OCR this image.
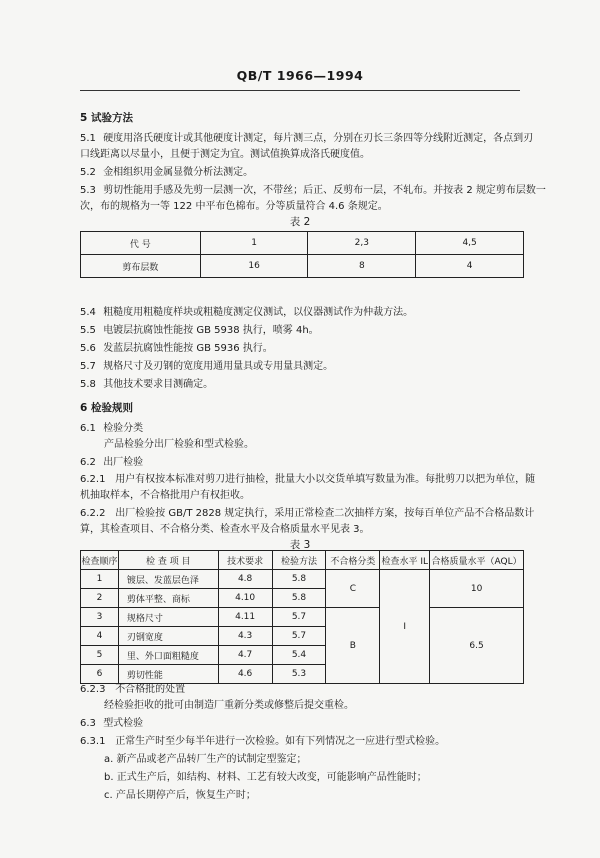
QB/T 1966—1994
5 试验方法
5.1 硬度用洛氏硬度计或其他硬度计测定，每片测三点，分别在刃长三条四等分线附近测定，各点到刃
口线距离以尽量小，且便于测定为宜。测试值换算成洛氏硬度值。
5.2 金相组织用金属显微分析法测定。
5.3 剪切性能用手感及先剪一层测一次，不带丝；后正、反剪布一层，不轧布。并按表 2 规定剪布层数一
次，布的规格为一等 122 中平布色棉布。分等质量符合 4.6 条规定。
表 2
代 号	1	2,3	4,5
剪布层数	16	8	4
5.4 粗糙度用粗糙度样块或粗糙度测定仪测试，以仪器测试作为仲裁方法。
5.5 电镀层抗腐蚀性能按 GB 5938 执行，喷雾 4h。
5.6 发蓝层抗腐蚀性能按 GB 5936 执行。
5.7 规格尺寸及刃钢的宽度用通用量具或专用量具测定。
5.8 其他技术要求目测确定。
6 检验规则
6.1 检验分类
产品检验分出厂检验和型式检验。
6.2 出厂检验
6.2.1 用户有权按本标准对剪刀进行抽检，批量大小以交货单填写数量为准。每批剪刀以把为单位，随
机抽取样本，不合格批用户有权拒收。
6.2.2 出厂检验按 GB/T 2828 规定执行，采用正常检查二次抽样方案，按每百单位产品不合格品数计
算，其检查项目、不合格分类、检查水平及合格质量水平见表 3。
表 3
检查顺序	检 查 项 目	技术要求	检验方法	不合格分类	检查水平 IL	合格质量水平（AQL）
1	镀层、发蓝层色泽	4.8	5.8	C	I	10
2	剪体平整、商标	4.10	5.8			
3	规格尺寸	4.11	5.7	B		6.5
4	刃钢宽度	4.3	5.7			
5	里、外口面粗糙度	4.7	5.4			
6	剪切性能	4.6	5.3			
6.2.3 不合格批的处置
经检验拒收的批可由制造厂重新分类或修整后提交重检。
6.3 型式检验
6.3.1 正常生产时至少每半年进行一次检验。如有下列情况之一应进行型式检验。
a. 新产品或老产品转厂生产的试制定型鉴定；
b. 正式生产后，如结构、材料、工艺有较大改变，可能影响产品性能时；
c. 产品长期停产后，恢复生产时；
